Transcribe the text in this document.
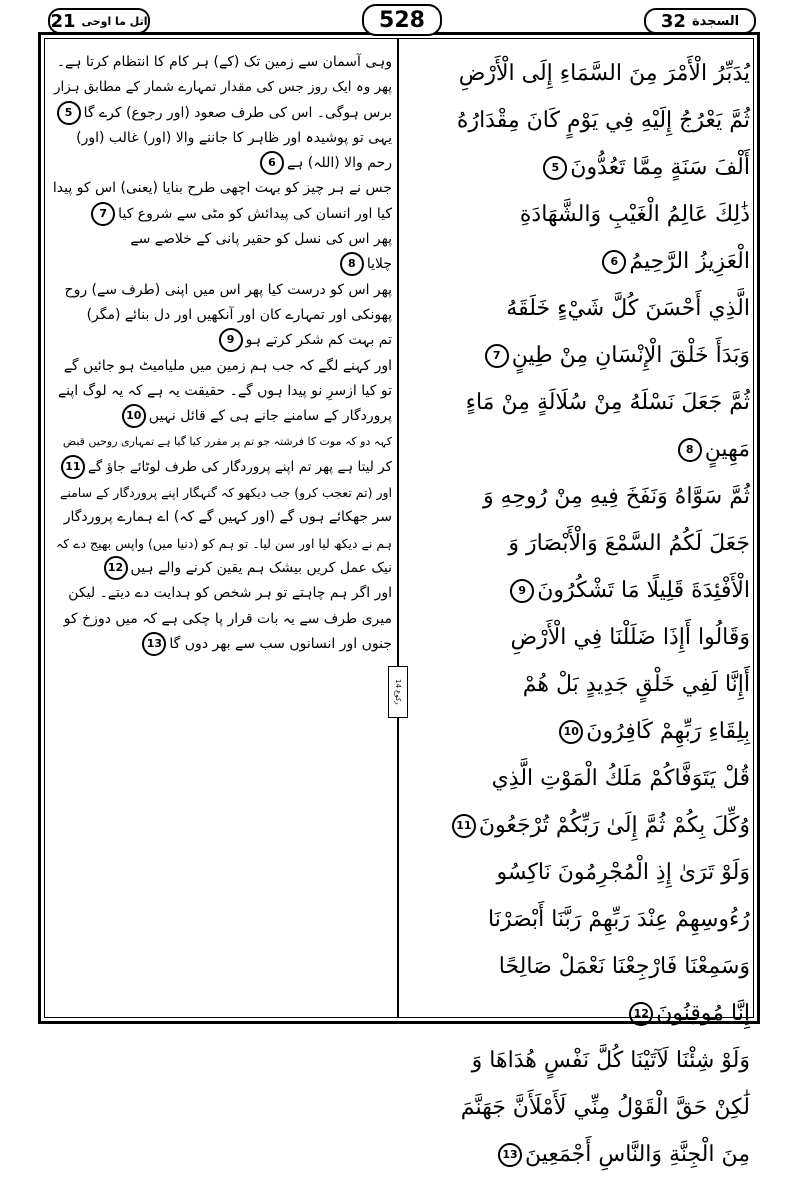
السجدة
32
528
اتل ما اوحی
21
رکوع 14
يُدَبِّرُ الْأَمْرَ مِنَ السَّمَاءِ إِلَى الْأَرْضِ
ثُمَّ يَعْرُجُ إِلَيْهِ فِي يَوْمٍ كَانَ مِقْدَارُهُ
أَلْفَ سَنَةٍ مِمَّا تَعُدُّونَ5
ذَٰلِكَ عَالِمُ الْغَيْبِ وَالشَّهَادَةِ
الْعَزِيزُ الرَّحِيمُ6
الَّذِي أَحْسَنَ كُلَّ شَيْءٍ خَلَقَهُ
وَبَدَأَ خَلْقَ الْإِنْسَانِ مِنْ طِينٍ7
ثُمَّ جَعَلَ نَسْلَهُ مِنْ سُلَالَةٍ مِنْ مَاءٍ
مَهِينٍ8
ثُمَّ سَوَّاهُ وَنَفَخَ فِيهِ مِنْ رُوحِهِ وَ
جَعَلَ لَكُمُ السَّمْعَ وَالْأَبْصَارَ وَ
الْأَفْئِدَةَ قَلِيلًا مَا تَشْكُرُونَ9
وَقَالُوا أَإِذَا ضَلَلْنَا فِي الْأَرْضِ
أَإِنَّا لَفِي خَلْقٍ جَدِيدٍ بَلْ هُمْ
بِلِقَاءِ رَبِّهِمْ كَافِرُونَ10
قُلْ يَتَوَفَّاكُمْ مَلَكُ الْمَوْتِ الَّذِي
وُكِّلَ بِكُمْ ثُمَّ إِلَىٰ رَبِّكُمْ تُرْجَعُونَ11
وَلَوْ تَرَىٰ إِذِ الْمُجْرِمُونَ نَاكِسُو
رُءُوسِهِمْ عِنْدَ رَبِّهِمْ رَبَّنَا أَبْصَرْنَا
وَسَمِعْنَا فَارْجِعْنَا نَعْمَلْ صَالِحًا
إِنَّا مُوقِنُونَ12
وَلَوْ شِئْنَا لَآتَيْنَا كُلَّ نَفْسٍ هُدَاهَا وَ
لَٰكِنْ حَقَّ الْقَوْلُ مِنِّي لَأَمْلَأَنَّ جَهَنَّمَ
مِنَ الْجِنَّةِ وَالنَّاسِ أَجْمَعِينَ13
وہی آسمان سے زمین تک (کے) ہر کام کا انتظام کرتا ہے۔
پھر وہ ایک روز جس کی مقدار تمہارے شمار کے مطابق ہزار
برس ہوگی۔ اس کی طرف صعود (اور رجوع) کرے گا5
یہی تو پوشیدہ اور ظاہر کا جاننے والا (اور) غالب (اور)
رحم والا (اللہ) ہے6
جس نے ہر چیز کو بہت اچھی طرح بنایا (یعنی) اس کو پیدا
کیا اور انسان کی پیدائش کو مٹی سے شروع کیا7
پھر اس کی نسل کو حقیر پانی کے خلاصے سے
چلایا8
پھر اس کو درست کیا پھر اس میں اپنی (طرف سے) روح
پھونکی اور تمہارے کان اور آنکھیں اور دل بنائے (مگر)
تم بہت کم شکر کرتے ہو9
اور کہنے لگے کہ جب ہم زمین میں ملیامیٹ ہو جائیں گے
تو کیا ازسرِ نو پیدا ہوں گے۔ حقیقت یہ ہے کہ یہ لوگ اپنے
پروردگار کے سامنے جانے ہی کے قائل نہیں10
کہہ دو کہ موت کا فرشتہ جو تم پر مقرر کیا گیا ہے تمہاری روحیں قبض
کر لیتا ہے پھر تم اپنے پروردگار کی طرف لوٹائے جاؤ گے11
اور (تم تعجب کرو) جب دیکھو کہ گنہگار اپنے پروردگار کے سامنے
سر جھکائے ہوں گے (اور کہیں گے کہ) اے ہمارے پروردگار
ہم نے دیکھ لیا اور سن لیا۔ تو ہم کو (دنیا میں) واپس بھیج دے کہ
نیک عمل کریں بیشک ہم یقین کرنے والے ہیں12
اور اگر ہم چاہتے تو ہر شخص کو ہدایت دے دیتے۔ لیکن
میری طرف سے یہ بات قرار پا چکی ہے کہ میں دوزخ کو
جنوں اور انسانوں سب سے بھر دوں گا13
